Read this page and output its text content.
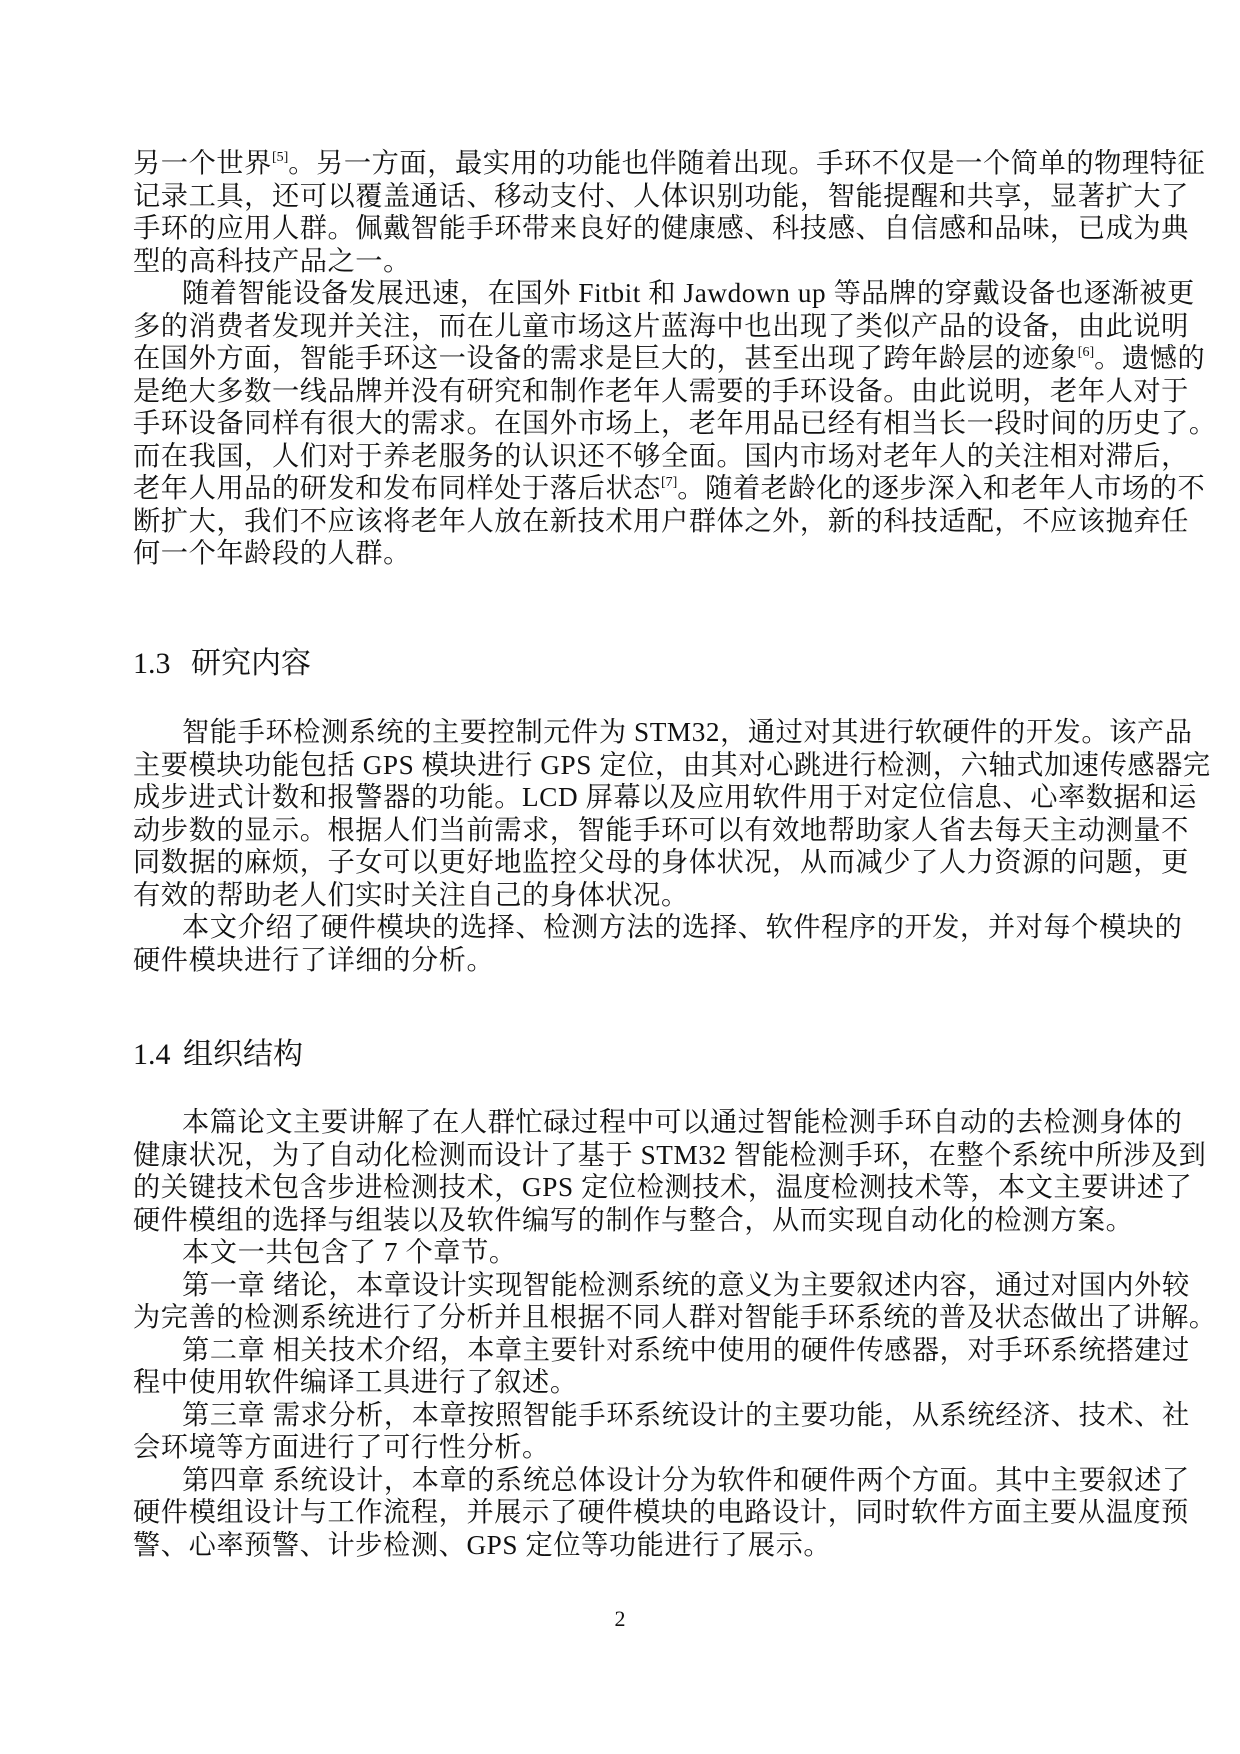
另一个世界[5]。另一方面，最实用的功能也伴随着出现。手环不仅是一个简单的物理特征
记录工具，还可以覆盖通话、移动支付、人体识别功能，智能提醒和共享，显著扩大了
手环的应用人群。佩戴智能手环带来良好的健康感、科技感、自信感和品味，已成为典
型的高科技产品之一。
随着智能设备发展迅速，在国外 Fitbit 和 Jawdown up 等品牌的穿戴设备也逐渐被更
多的消费者发现并关注，而在儿童市场这片蓝海中也出现了类似产品的设备，由此说明
在国外方面，智能手环这一设备的需求是巨大的，甚至出现了跨年龄层的迹象[6]。遗憾的
是绝大多数一线品牌并没有研究和制作老年人需要的手环设备。由此说明，老年人对于
手环设备同样有很大的需求。在国外市场上，老年用品已经有相当长一段时间的历史了。
而在我国，人们对于养老服务的认识还不够全面。国内市场对老年人的关注相对滞后，
老年人用品的研发和发布同样处于落后状态[7]。随着老龄化的逐步深入和老年人市场的不
断扩大，我们不应该将老年人放在新技术用户群体之外，新的科技适配，不应该抛弃任
何一个年龄段的人群。
1.3 研究内容
智能手环检测系统的主要控制元件为 STM32，通过对其进行软硬件的开发。该产品
主要模块功能包括 GPS 模块进行 GPS 定位，由其对心跳进行检测，六轴式加速传感器完
成步进式计数和报警器的功能。LCD 屏幕以及应用软件用于对定位信息、心率数据和运
动步数的显示。根据人们当前需求，智能手环可以有效地帮助家人省去每天主动测量不
同数据的麻烦，子女可以更好地监控父母的身体状况，从而减少了人力资源的问题，更
有效的帮助老人们实时关注自己的身体状况。
本文介绍了硬件模块的选择、检测方法的选择、软件程序的开发，并对每个模块的
硬件模块进行了详细的分析。
1.4 组织结构
本篇论文主要讲解了在人群忙碌过程中可以通过智能检测手环自动的去检测身体的
健康状况，为了自动化检测而设计了基于 STM32 智能检测手环，在整个系统中所涉及到
的关键技术包含步进检测技术，GPS 定位检测技术，温度检测技术等，本文主要讲述了
硬件模组的选择与组装以及软件编写的制作与整合，从而实现自动化的检测方案。
本文一共包含了 7 个章节。
第一章 绪论，本章设计实现智能检测系统的意义为主要叙述内容，通过对国内外较
为完善的检测系统进行了分析并且根据不同人群对智能手环系统的普及状态做出了讲解。
第二章 相关技术介绍，本章主要针对系统中使用的硬件传感器，对手环系统搭建过
程中使用软件编译工具进行了叙述。
第三章 需求分析，本章按照智能手环系统设计的主要功能，从系统经济、技术、社
会环境等方面进行了可行性分析。
第四章 系统设计，本章的系统总体设计分为软件和硬件两个方面。其中主要叙述了
硬件模组设计与工作流程，并展示了硬件模块的电路设计，同时软件方面主要从温度预
警、心率预警、计步检测、GPS 定位等功能进行了展示。
2
